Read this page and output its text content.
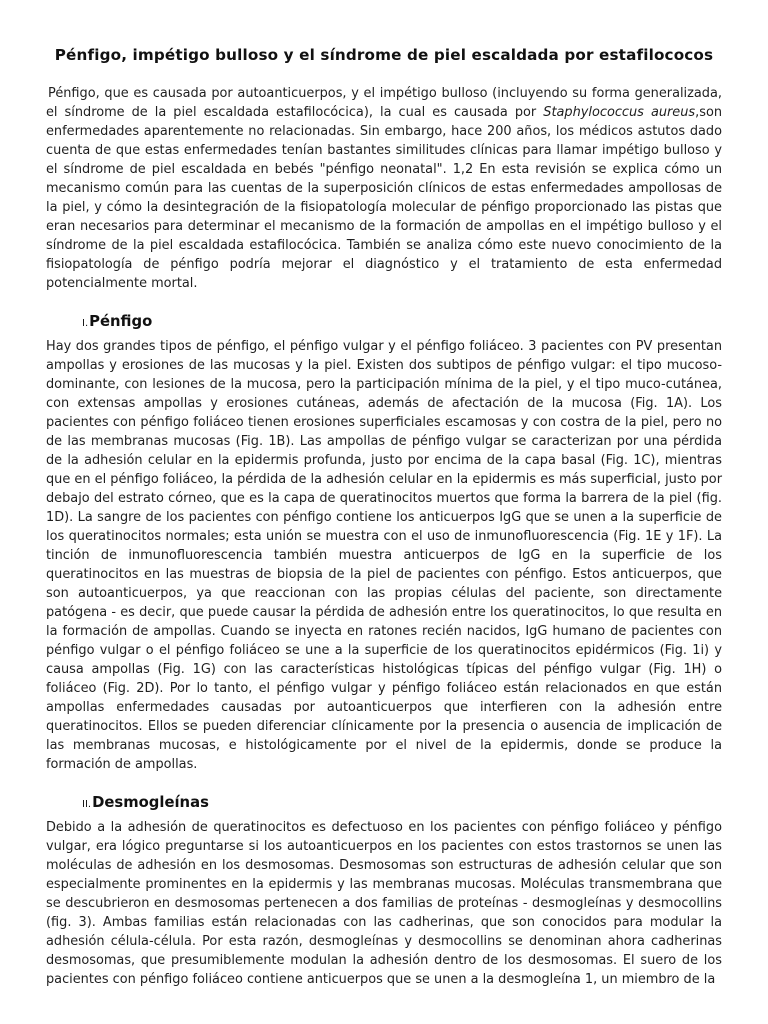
Pénfigo, impétigo bulloso y el síndrome de piel escaldada por estafilococos

Pénfigo, que es causada por autoanticuerpos, y el impétigo bulloso (incluyendo su forma generalizada, el síndrome de la piel escaldada estafilocócica), la cual es causada por Staphylococcus aureus,son enfermedades aparentemente no relacionadas. Sin embargo, hace 200 años, los médicos astutos dado cuenta de que estas enfermedades tenían bastantes similitudes clínicas para llamar impétigo bulloso y el síndrome de piel escaldada en bebés "pénfigo neonatal". 1,2 En esta revisión se explica cómo un mecanismo común para las cuentas de la superposición clínicos de estas enfermedades ampollosas de la piel, y cómo la desintegración de la fisiopatología molecular de pénfigo proporcionado las pistas que eran necesarios para determinar el mecanismo de la formación de ampollas en el impétigo bulloso y el síndrome de la piel escaldada estafilocócica. También se analiza cómo este nuevo conocimiento de la fisiopatología de pénfigo podría mejorar el diagnóstico y el tratamiento de esta enfermedad potencialmente mortal.

I.Pénfigo

Hay dos grandes tipos de pénfigo, el pénfigo vulgar y el pénfigo foliáceo. 3 pacientes con PV presentan ampollas y erosiones de las mucosas y la piel. Existen dos subtipos de pénfigo vulgar: el tipo mucoso-dominante, con lesiones de la mucosa, pero la participación mínima de la piel, y el tipo muco-cutánea, con extensas ampollas y erosiones cutáneas, además de afectación de la mucosa (Fig. 1A). Los pacientes con pénfigo foliáceo tienen erosiones superficiales escamosas y con costra de la piel, pero no de las membranas mucosas (Fig. 1B). Las ampollas de pénfigo vulgar se caracterizan por una pérdida de la adhesión celular en la epidermis profunda, justo por encima de la capa basal (Fig. 1C), mientras que en el pénfigo foliáceo, la pérdida de la adhesión celular en la epidermis es más superficial, justo por debajo del estrato córneo, que es la capa de queratinocitos muertos que forma la barrera de la piel (fig. 1D). La sangre de los pacientes con pénfigo contiene los anticuerpos IgG que se unen a la superficie de los queratinocitos normales; esta unión se muestra con el uso de inmunofluorescencia (Fig. 1E y 1F). La tinción de inmunofluorescencia también muestra anticuerpos de IgG en la superficie de los queratinocitos en las muestras de biopsia de la piel de pacientes con pénfigo. Estos anticuerpos, que son autoanticuerpos, ya que reaccionan con las propias células del paciente, son directamente patógena - es decir, que puede causar la pérdida de adhesión entre los queratinocitos, lo que resulta en la formación de ampollas. Cuando se inyecta en ratones recién nacidos, IgG humano de pacientes con pénfigo vulgar o el pénfigo foliáceo se une a la superficie de los queratinocitos epidérmicos (Fig. 1i) y causa ampollas (Fig. 1G) con las características histológicas típicas del pénfigo vulgar (Fig. 1H) o foliáceo (Fig. 2D). Por lo tanto, el pénfigo vulgar y pénfigo foliáceo están relacionados en que están ampollas enfermedades causadas por autoanticuerpos que interfieren con la adhesión entre queratinocitos. Ellos se pueden diferenciar clínicamente por la presencia o ausencia de implicación de las membranas mucosas, e histológicamente por el nivel de la epidermis, donde se produce la formación de ampollas.

II.Desmogleínas

Debido a la adhesión de queratinocitos es defectuoso en los pacientes con pénfigo foliáceo y pénfigo vulgar, era lógico preguntarse si los autoanticuerpos en los pacientes con estos trastornos se unen las moléculas de adhesión en los desmosomas. Desmosomas son estructuras de adhesión celular que son especialmente prominentes en la epidermis y las membranas mucosas. Moléculas transmembrana que se descubrieron en desmosomas pertenecen a dos familias de proteínas - desmogleínas y desmocollins (fig. 3). Ambas familias están relacionadas con las cadherinas, que son conocidos para modular la adhesión célula-célula. Por esta razón, desmogleínas y desmocollins se denominan ahora cadherinas desmosomas, que presumiblemente modulan la adhesión dentro de los desmosomas. El suero de los pacientes con pénfigo foliáceo contiene anticuerpos que se unen a la desmogleína 1, un miembro de la
